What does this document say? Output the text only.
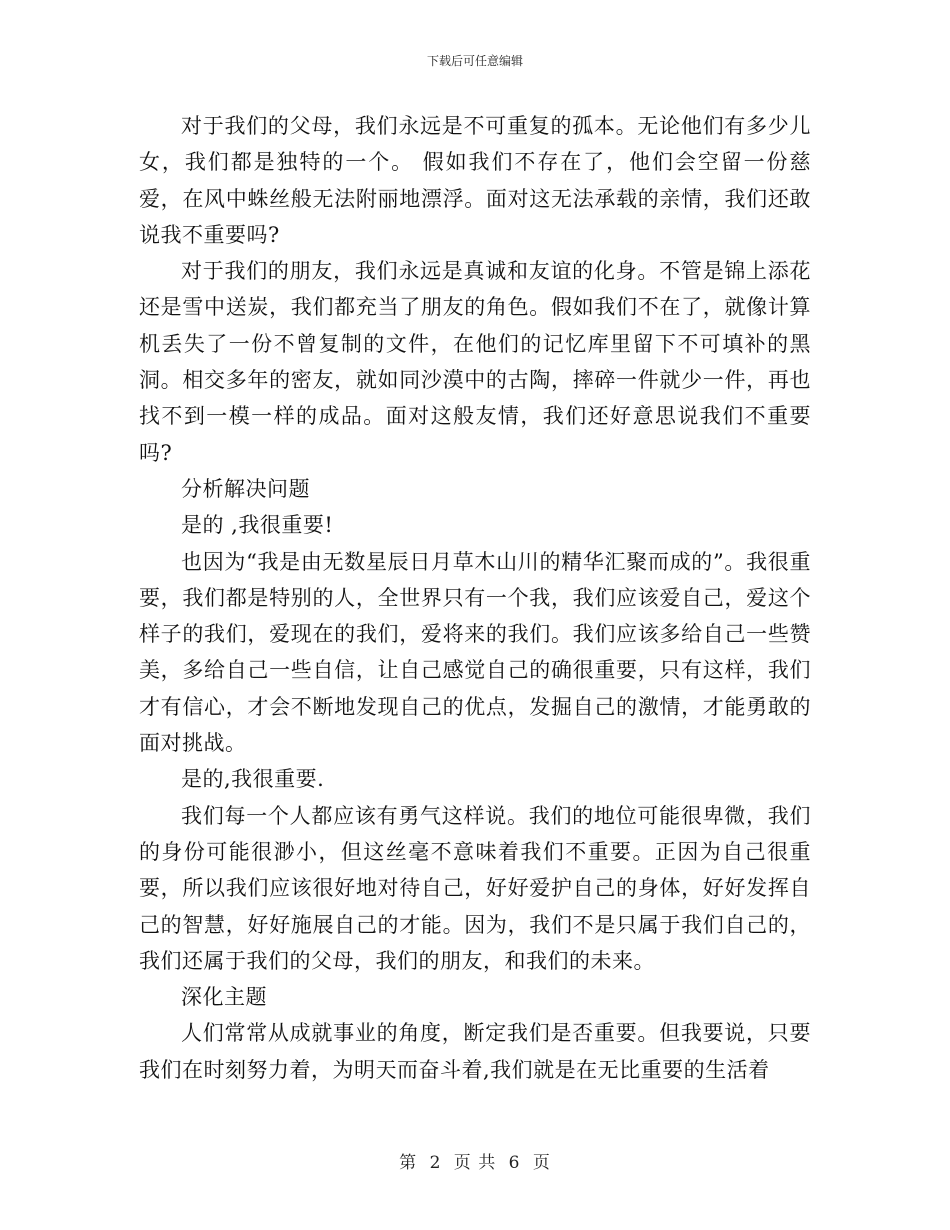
下载后可任意编辑

对于我们的父母，我们永远是不可重复的孤本。无论他们有多少儿女，我们都是独特的一个。 假如我们不存在了，他们会空留一份慈爱，在风中蛛丝般无法附丽地漂浮。面对这无法承载的亲情，我们还敢说我不重要吗?

对于我们的朋友，我们永远是真诚和友谊的化身。不管是锦上添花还是雪中送炭，我们都充当了朋友的角色。假如我们不在了，就像计算机丢失了一份不曾复制的文件，在他们的记忆库里留下不可填补的黑洞。相交多年的密友，就如同沙漠中的古陶，摔碎一件就少一件，再也找不到一模一样的成品。面对这般友情，我们还好意思说我们不重要吗?

分析解决问题

是的 ,我很重要!

也因为“我是由无数星辰日月草木山川的精华汇聚而成的”。我很重要，我们都是特别的人，全世界只有一个我，我们应该爱自己，爱这个样子的我们，爱现在的我们，爱将来的我们。我们应该多给自己一些赞美，多给自己一些自信，让自己感觉自己的确很重要，只有这样，我们才有信心，才会不断地发现自己的优点，发掘自己的激情，才能勇敢的面对挑战。

是的,我很重要.

我们每一个人都应该有勇气这样说。我们的地位可能很卑微，我们的身份可能很渺小，但这丝毫不意味着我们不重要。正因为自己很重要，所以我们应该很好地对待自己，好好爱护自己的身体，好好发挥自己的智慧，好好施展自己的才能。因为，我们不是只属于我们自己的，我们还属于我们的父母，我们的朋友，和我们的未来。

深化主题

人们常常从成就事业的角度，断定我们是否重要。但我要说，只要我们在时刻努力着，为明天而奋斗着,我们就是在无比重要的生活着

第 2 页 共 6 页
